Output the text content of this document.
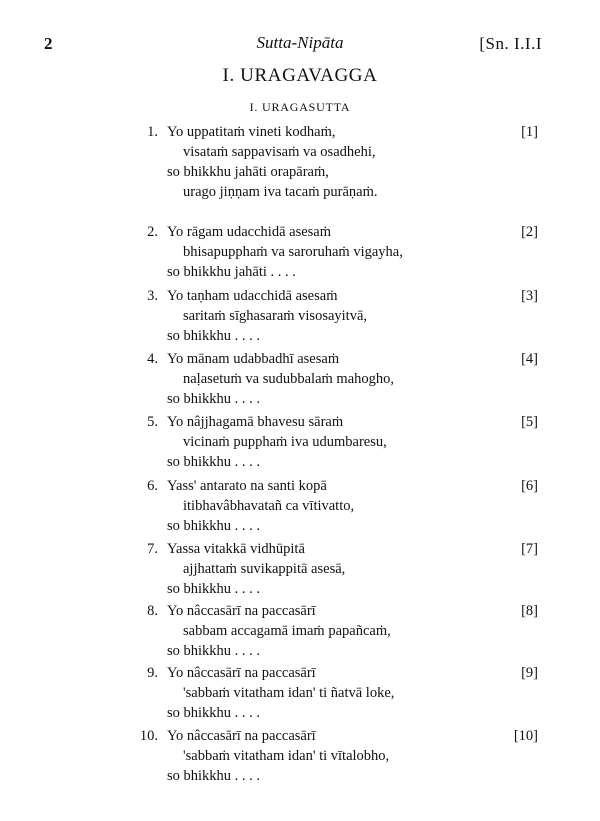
2	Sutta-Nipāta	[Sn. I.I.I
I. URAGAVAGGA
I. URAGASUTTA
1.	[1]
Yo uppatitaṁ vineti kodhaṁ,
visataṁ sappavisaṁ va osadhehi,
so bhikkhu jahāti orapāraṁ,
urago jiṇṇam iva tacaṁ purāṇaṁ.
2.	[2]
Yo rāgam udacchidā asesaṁ
bhisapupphaṁ va saroruhaṁ vigayha,
so bhikkhu jahāti . . . .
3.	[3]
Yo taṇham udacchidā asesaṁ
saritaṁ sīghasaraṁ visosayitvā,
so bhikkhu . . . .
4.	[4]
Yo mānam udabbadhī asesaṁ
naḷasetuṁ va sudubbalaṁ mahogho,
so bhikkhu . . . .
5.	[5]
Yo nâjjhagamā bhavesu sāraṁ
vicinaṁ pupphaṁ iva udumbaresu,
so bhikkhu . . . .
6.	[6]
Yass' antarato na santi kopā
itibhavâbhavatañ ca vītivatto,
so bhikkhu . . . .
7.	[7]
Yassa vitakkā vidhūpitā
ajjhattaṁ suvikappitā asesā,
so bhikkhu . . . .
8.	[8]
Yo nâccasārī na paccasārī
sabbam accagamā imaṁ papañcaṁ,
so bhikkhu . . . .
9.	[9]
Yo nâccasārī na paccasārī
'sabbaṁ vitatham idan' ti ñatvā loke,
so bhikkhu . . . .
10.	[10]
Yo nâccasārī na paccasārī
'sabbaṁ vitatham idan' ti vītalobho,
so bhikkhu . . . .
